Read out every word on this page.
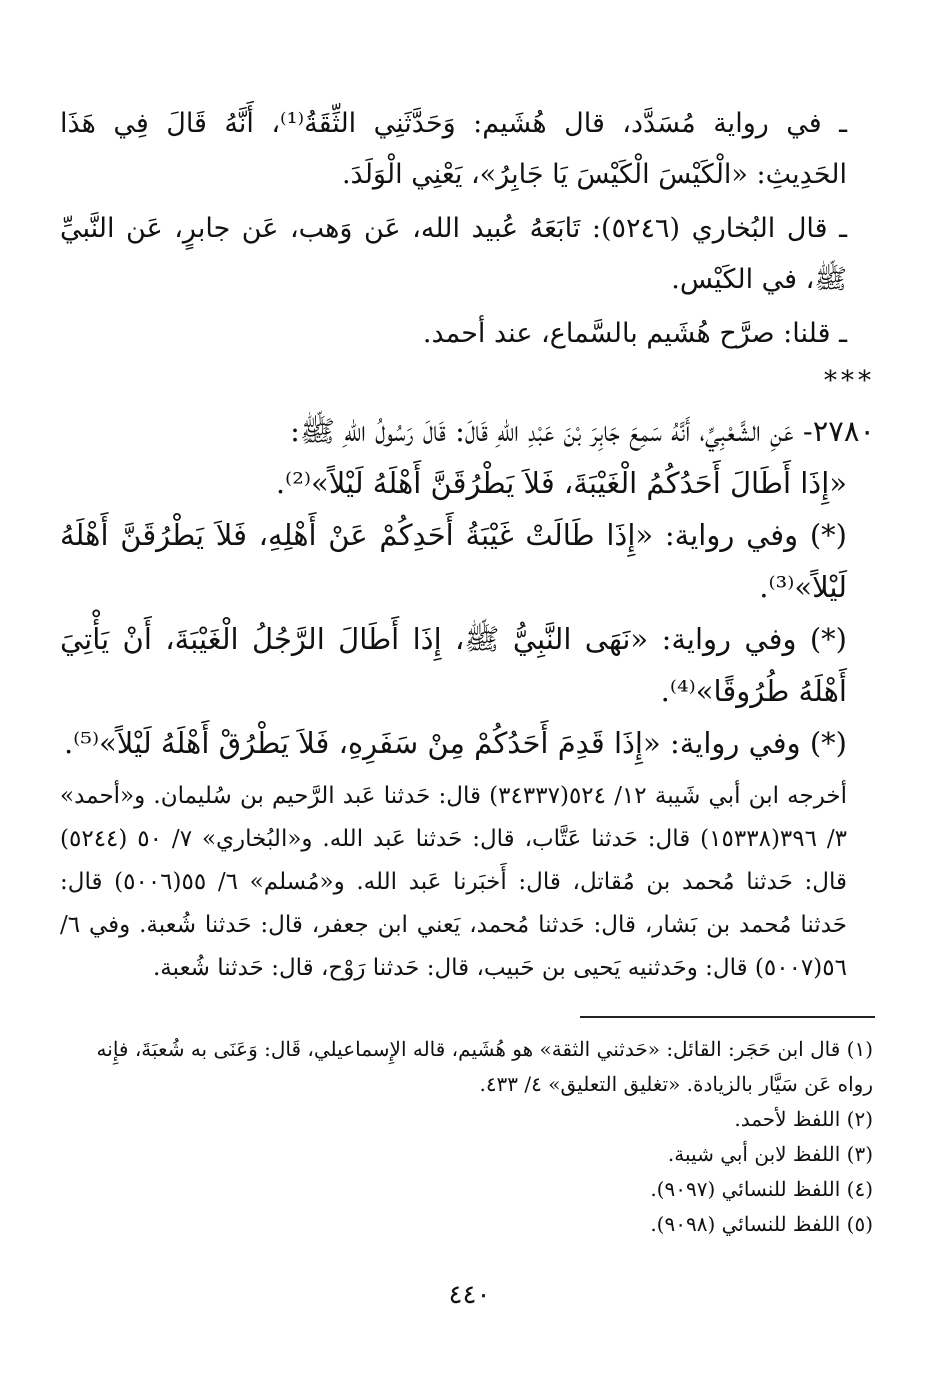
ـ في رواية مُسَدَّد، قال هُشَيم: وَحَدَّثَنِي الثِّقَةُ⁽¹⁾، أَنَّهُ قَالَ فِي هَذَا الحَدِيثِ: «الْكَيْسَ الْكَيْسَ يَا جَابِرُ»، يَعْنِي الْوَلَدَ.

ـ قال البُخاري (٥٢٤٦): تَابَعَهُ عُبيد الله، عَن وَهب، عَن جابرٍ، عَن النَّبيِّ ﷺ، في الكَيْس.

ـ قلنا: صرَّح هُشَيم بالسَّماع، عند أحمد.

***

٢٧٨٠- عَنِ الشَّعْبِيِّ، أَنَّهُ سَمِعَ جَابِرَ بْنَ عَبْدِ اللهِ قَالَ: قَالَ رَسُولُ اللهِ ﷺ:

«إِذَا أَطَالَ أَحَدُكُمُ الْغَيْبَةَ، فَلاَ يَطْرُقَنَّ أَهْلَهُ لَيْلاً»⁽²⁾.

(*) وفي رواية: «إِذَا طَالَتْ غَيْبَةُ أَحَدِكُمْ عَنْ أَهْلِهِ، فَلاَ يَطْرُقَنَّ أَهْلَهُ لَيْلاً»⁽³⁾.

(*) وفي رواية: «نَهَى النَّبِيُّ ﷺ، إِذَا أَطَالَ الرَّجُلُ الْغَيْبَةَ، أَنْ يَأْتِيَ أَهْلَهُ طُرُوقًا»⁽⁴⁾.

(*) وفي رواية: «إِذَا قَدِمَ أَحَدُكُمْ مِنْ سَفَرِهِ، فَلاَ يَطْرُقْ أَهْلَهُ لَيْلاً»⁽⁵⁾.

أخرجه ابن أبي شَيبة ١٢/ ٥٢٤(٣٤٣٣٧) قال: حَدثنا عَبد الرَّحيم بن سُليمان. و«أحمد» ٣/ ٣٩٦(١٥٣٣٨) قال: حَدثنا عَتَّاب، قال: حَدثنا عَبد الله. و«البُخاري» ٧/ ٥٠ (٥٢٤٤) قال: حَدثنا مُحمد بن مُقاتل، قال: أَخبَرنا عَبد الله. و«مُسلم» ٦/ ٥٥(٥٠٠٦) قال: حَدثنا مُحمد بن بَشار، قال: حَدثنا مُحمد، يَعني ابن جعفر، قال: حَدثنا شُعبة. وفي ٦/ ٥٦(٥٠٠٧) قال: وحَدثنيه يَحيى بن حَبيب، قال: حَدثنا رَوْح، قال: حَدثنا شُعبة.

(١) قال ابن حَجَر: القائل: «حَدثني الثقة» هو هُشَيم، قاله الإِسماعيلي، قَال: وَعَنَى به شُعبَةَ، فإِنه رواه عَن سَيَّار بالزيادة. «تغليق التعليق» ٤/ ٤٣٣.

(٢) اللفظ لأحمد.

(٣) اللفظ لابن أبي شيبة.

(٤) اللفظ للنسائي (٩٠٩٧).

(٥) اللفظ للنسائي (٩٠٩٨).

٤٤٠
